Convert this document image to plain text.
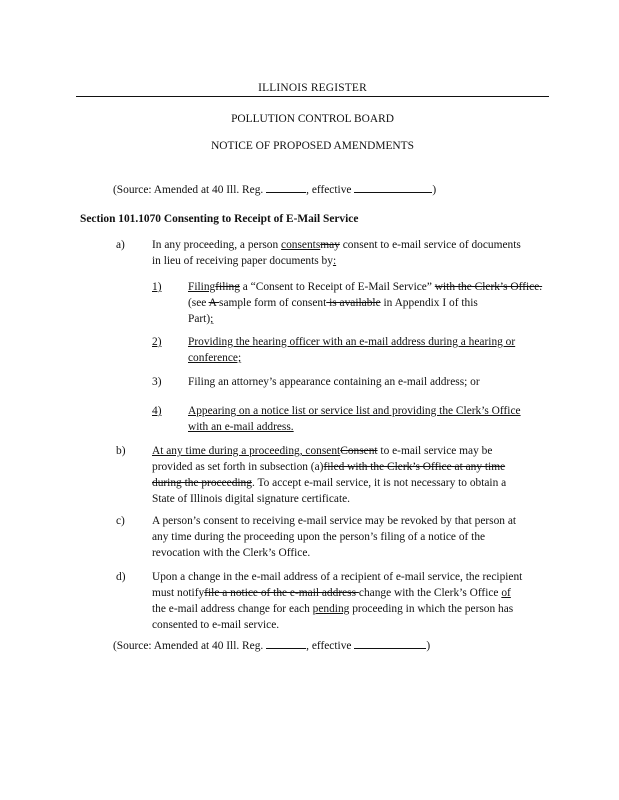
ILLINOIS REGISTER
POLLUTION CONTROL BOARD
NOTICE OF PROPOSED AMENDMENTS
(Source: Amended at 40 Ill. Reg.	, effective	)
Section 101.1070 Consenting to Receipt of E-Mail Service
a) In any proceeding, a person consentsmay consent to e-mail service of documents
in lieu of receiving paper documents by:
1) Filingfiling a “Consent to Receipt of E-Mail Service” with the Clerk’s Office.
(see A sample form of consent is available in Appendix I of this
Part);
2) Providing the hearing officer with an e-mail address during a hearing or
conference;
3) Filing an attorney’s appearance containing an e-mail address; or
4) Appearing on a notice list or service list and providing the Clerk’s Office
with an e-mail address.
b) At any time during a proceeding, consentConsent to e-mail service may be
provided as set forth in subsection (a)filed with the Clerk’s Office at any time
during the proceeding. To accept e-mail service, it is not necessary to obtain a
State of Illinois digital signature certificate.
c) A person’s consent to receiving e-mail service may be revoked by that person at
any time during the proceeding upon the person’s filing of a notice of the
revocation with the Clerk’s Office.
d) Upon a change in the e-mail address of a recipient of e-mail service, the recipient
must notifyfile a notice of the e-mail address change with the Clerk’s Office of
the e-mail address change for each pending proceeding in which the person has
consented to e-mail service.
(Source: Amended at 40 Ill. Reg.	, effective	)
